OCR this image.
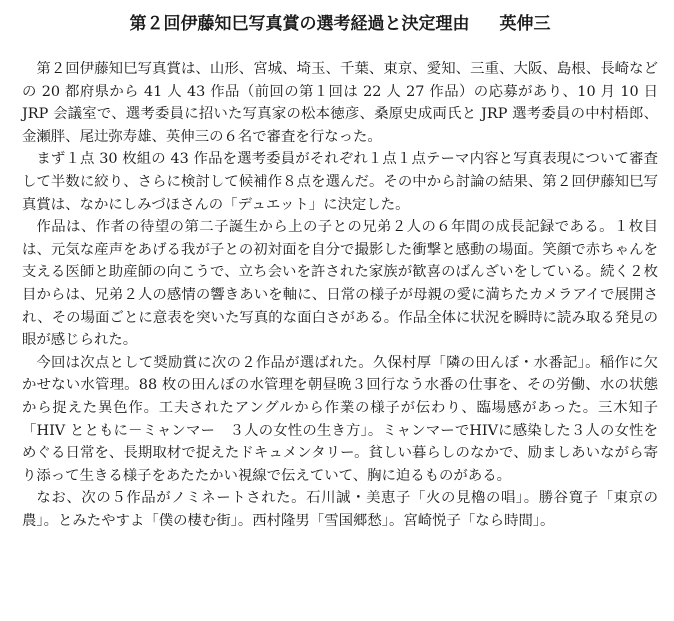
第２回伊藤知巳写真賞の選考経過と決定理由 英伸三

第２回伊藤知巳写真賞は、山形、宮城、埼玉、千葉、東京、愛知、三重、大阪、島根、長崎などの 20 都府県から 41 人 43 作品（前回の第１回は 22 人 27 作品）の応募があり、10 月 10 日 JRP 会議室で、選考委員に招いた写真家の松本徳彦、桑原史成両氏と JRP 選考委員の中村梧郎、金瀬胖、尾辻弥寿雄、英伸三の６名で審査を行なった。

まず１点 30 枚組の 43 作品を選考委員がそれぞれ１点１点テーマ内容と写真表現について審査して半数に絞り、さらに検討して候補作８点を選んだ。その中から討論の結果、第２回伊藤知巳写真賞は、なかにしみづほさんの「デュエット」に決定した。

作品は、作者の待望の第二子誕生から上の子との兄弟２人の６年間の成長記録である。１枚目は、元気な産声をあげる我が子との初対面を自分で撮影した衝撃と感動の場面。笑顔で赤ちゃんを支える医師と助産師の向こうで、立ち会いを許された家族が歓喜のばんざいをしている。続く２枚目からは、兄弟２人の感情の響きあいを軸に、日常の様子が母親の愛に満ちたカメラアイで展開され、その場面ごとに意表を突いた写真的な面白さがある。作品全体に状況を瞬時に読み取る発見の眼が感じられた。

今回は次点として奨励賞に次の２作品が選ばれた。久保村厚「隣の田んぼ・水番記」。稲作に欠かせない水管理。88 枚の田んぼの水管理を朝昼晩３回行なう水番の仕事を、その労働、水の状態から捉えた異色作。工夫されたアングルから作業の様子が伝わり、臨場感があった。三木知子「HIV とともに－ミャンマー　３人の女性の生き方」。ミャンマーでHIVに感染した３人の女性をめぐる日常を、長期取材で捉えたドキュメンタリー。貧しい暮らしのなかで、励ましあいながら寄り添って生きる様子をあたたかい視線で伝えていて、胸に迫るものがある。

なお、次の５作品がノミネートされた。石川誠・美恵子「火の見櫓の唱」。勝谷寛子「東京の農」。とみたやすよ「僕の棲む街」。西村隆男「雪国郷愁」。宮崎悦子「なら時間」。
